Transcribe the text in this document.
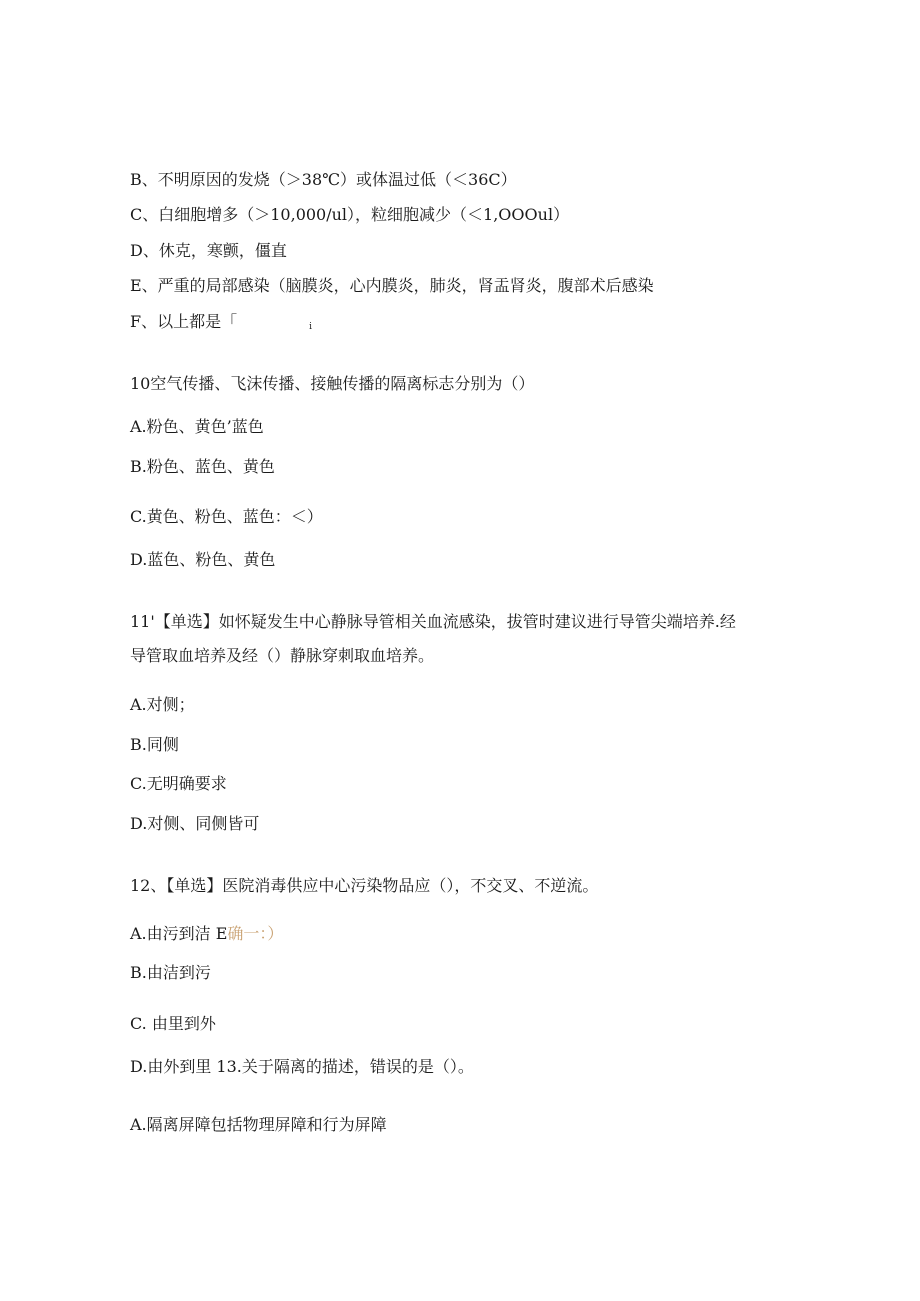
B、不明原因的发烧（＞38℃）或体温过低（＜36C）
C、白细胞增多（＞10,000/ul），粒细胞减少（＜1,OOOul）
D、休克，寒颤，僵直
E、严重的局部感染（脑膜炎，心内膜炎，肺炎，肾盂肾炎，腹部术后感染
F、以上都是「	i
10空气传播、飞沫传播、接触传播的隔离标志分别为（）
A.粉色、黄色’蓝色
B.粉色、蓝色、黄色
C.黄色、粉色、蓝色：＜）
D.蓝色、粉色、黄色
11'【单选】如怀疑发生中心静脉导管相关血流感染，拔管时建议进行导管尖端培养.经
导管取血培养及经（）静脉穿刺取血培养。
A.对侧；
B.同侧
C.无明确要求
D.对侧、同侧皆可
12、【单选】医院消毒供应中心污染物品应（），不交叉、不逆流。
A.由污到洁 E确一：）
B.由洁到污
C. 由里到外
D.由外到里 13.关于隔离的描述，错误的是（）。
A.隔离屏障包括物理屏障和行为屏障
